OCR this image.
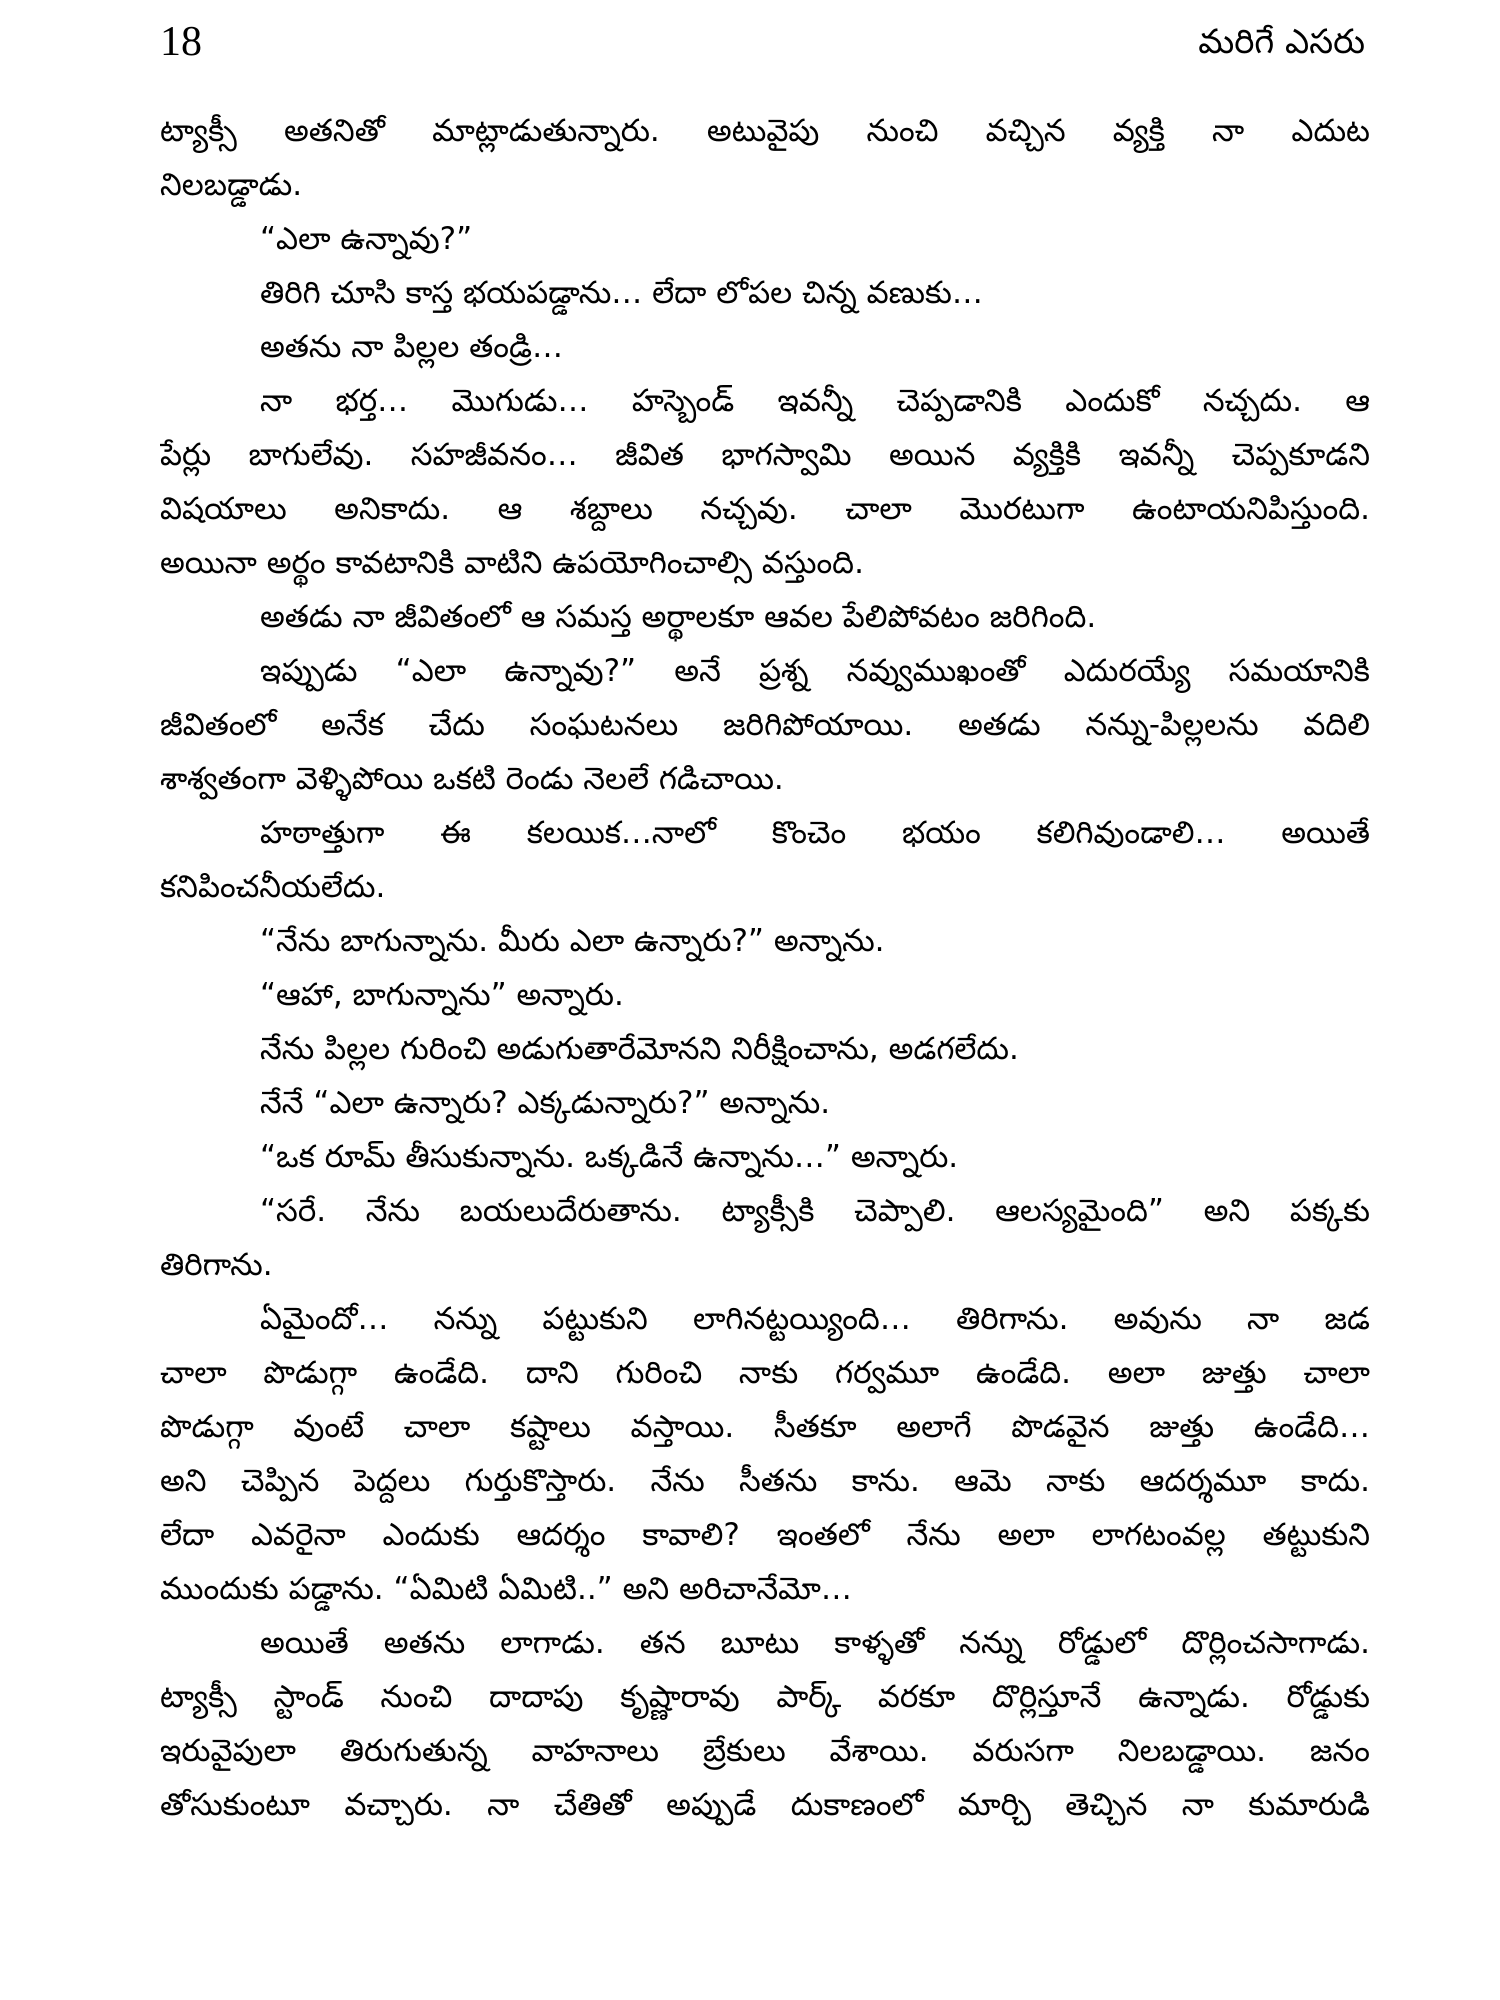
18	మరిగే ఎసరు
ట్యాక్సీ అతనితో మాట్లాడుతున్నారు. అటువైపు నుంచి వచ్చిన వ్యక్తి నా ఎదుట
నిలబడ్డాడు.
“ఎలా ఉన్నావు?”
తిరిగి చూసి కాస్త భయపడ్డాను… లేదా లోపల చిన్న వణుకు…
అతను నా పిల్లల తండ్రి…
నా భర్త… మొగుడు… హస్బెండ్ ఇవన్నీ చెప్పడానికి ఎందుకో నచ్చదు. ఆ
పేర్లు బాగులేవు. సహజీవనం… జీవిత భాగస్వామి అయిన వ్యక్తికి ఇవన్నీ చెప్పకూడని
విషయాలు అనికాదు. ఆ శబ్దాలు నచ్చవు. చాలా మొరటుగా ఉంటాయనిపిస్తుంది.
అయినా అర్థం కావటానికి వాటిని ఉపయోగించాల్సి వస్తుంది.
అతడు నా జీవితంలో ఆ సమస్త అర్థాలకూ ఆవల పేలిపోవటం జరిగింది.
ఇప్పుడు “ఎలా ఉన్నావు?” అనే ప్రశ్న నవ్వుముఖంతో ఎదురయ్యే సమయానికి
జీవితంలో అనేక చేదు సంఘటనలు జరిగిపోయాయి. అతడు నన్ను-పిల్లలను వదిలి
శాశ్వతంగా వెళ్ళిపోయి ఒకటి రెండు నెలలే గడిచాయి.
హఠాత్తుగా ఈ కలయిక…నాలో కొంచెం భయం కలిగివుండాలి… అయితే
కనిపించనీయలేదు.
“నేను బాగున్నాను. మీరు ఎలా ఉన్నారు?” అన్నాను.
“ఆహా, బాగున్నాను” అన్నారు.
నేను పిల్లల గురించి అడుగుతారేమోనని నిరీక్షించాను, అడగలేదు.
నేనే “ఎలా ఉన్నారు? ఎక్కడున్నారు?” అన్నాను.
“ఒక రూమ్ తీసుకున్నాను. ఒక్కడినే ఉన్నాను…” అన్నారు.
“సరే. నేను బయలుదేరుతాను. ట్యాక్సీకి చెప్పాలి. ఆలస్యమైంది” అని పక్కకు
తిరిగాను.
ఏమైందో… నన్ను పట్టుకుని లాగినట్టయ్యింది… తిరిగాను. అవును నా జడ
చాలా పొడుగ్గా ఉండేది. దాని గురించి నాకు గర్వమూ ఉండేది. అలా జుత్తు చాలా
పొడుగ్గా వుంటే చాలా కష్టాలు వస్తాయి. సీతకూ అలాగే పొడవైన జుత్తు ఉండేది…
అని చెప్పిన పెద్దలు గుర్తుకొస్తారు. నేను సీతను కాను. ఆమె నాకు ఆదర్శమూ కాదు.
లేదా ఎవరైనా ఎందుకు ఆదర్శం కావాలి? ఇంతలో నేను అలా లాగటంవల్ల తట్టుకుని
ముందుకు పడ్డాను. “ఏమిటి ఏమిటి..” అని అరిచానేమో…
అయితే అతను లాగాడు. తన బూటు కాళ్ళతో నన్ను రోడ్డులో దొర్లించసాగాడు.
ట్యాక్సీ స్టాండ్ నుంచి దాదాపు కృష్ణారావు పార్క్ వరకూ దొర్లిస్తూనే ఉన్నాడు. రోడ్డుకు
ఇరువైపులా తిరుగుతున్న వాహనాలు బ్రేకులు వేశాయి. వరుసగా నిలబడ్డాయి. జనం
తోసుకుంటూ వచ్చారు. నా చేతితో అప్పుడే దుకాణంలో మార్చి తెచ్చిన నా కుమారుడి
